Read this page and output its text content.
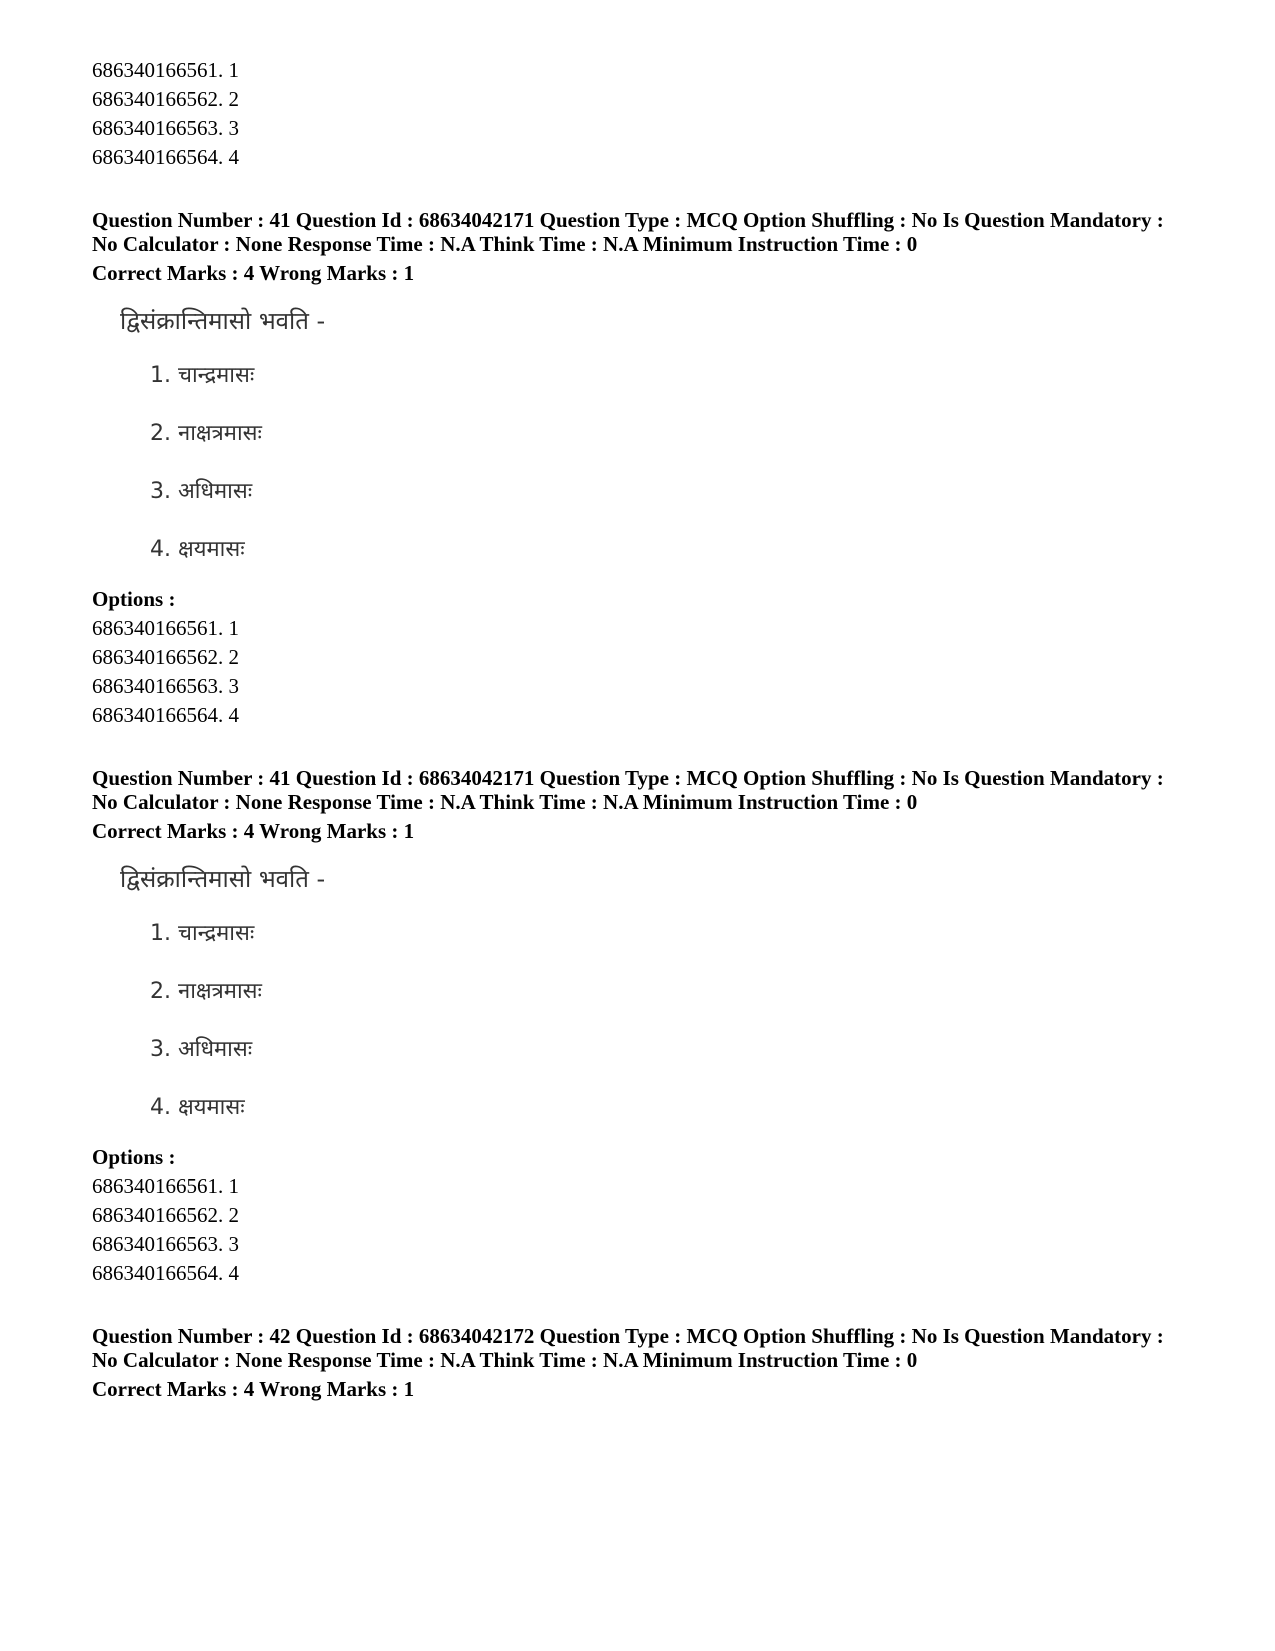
686340166561. 1
686340166562. 2
686340166563. 3
686340166564. 4
Question Number : 41 Question Id : 68634042171 Question Type : MCQ Option Shuffling : No Is Question Mandatory :
No Calculator : None Response Time : N.A Think Time : N.A Minimum Instruction Time : 0
Correct Marks : 4 Wrong Marks : 1
द्विसंक्रान्तिमासो भवति -
1. चान्द्रमासः
2. नाक्षत्रमासः
3. अधिमासः
4. क्षयमासः
Options :
686340166561. 1
686340166562. 2
686340166563. 3
686340166564. 4
Question Number : 41 Question Id : 68634042171 Question Type : MCQ Option Shuffling : No Is Question Mandatory :
No Calculator : None Response Time : N.A Think Time : N.A Minimum Instruction Time : 0
Correct Marks : 4 Wrong Marks : 1
द्विसंक्रान्तिमासो भवति -
1. चान्द्रमासः
2. नाक्षत्रमासः
3. अधिमासः
4. क्षयमासः
Options :
686340166561. 1
686340166562. 2
686340166563. 3
686340166564. 4
Question Number : 42 Question Id : 68634042172 Question Type : MCQ Option Shuffling : No Is Question Mandatory :
No Calculator : None Response Time : N.A Think Time : N.A Minimum Instruction Time : 0
Correct Marks : 4 Wrong Marks : 1
